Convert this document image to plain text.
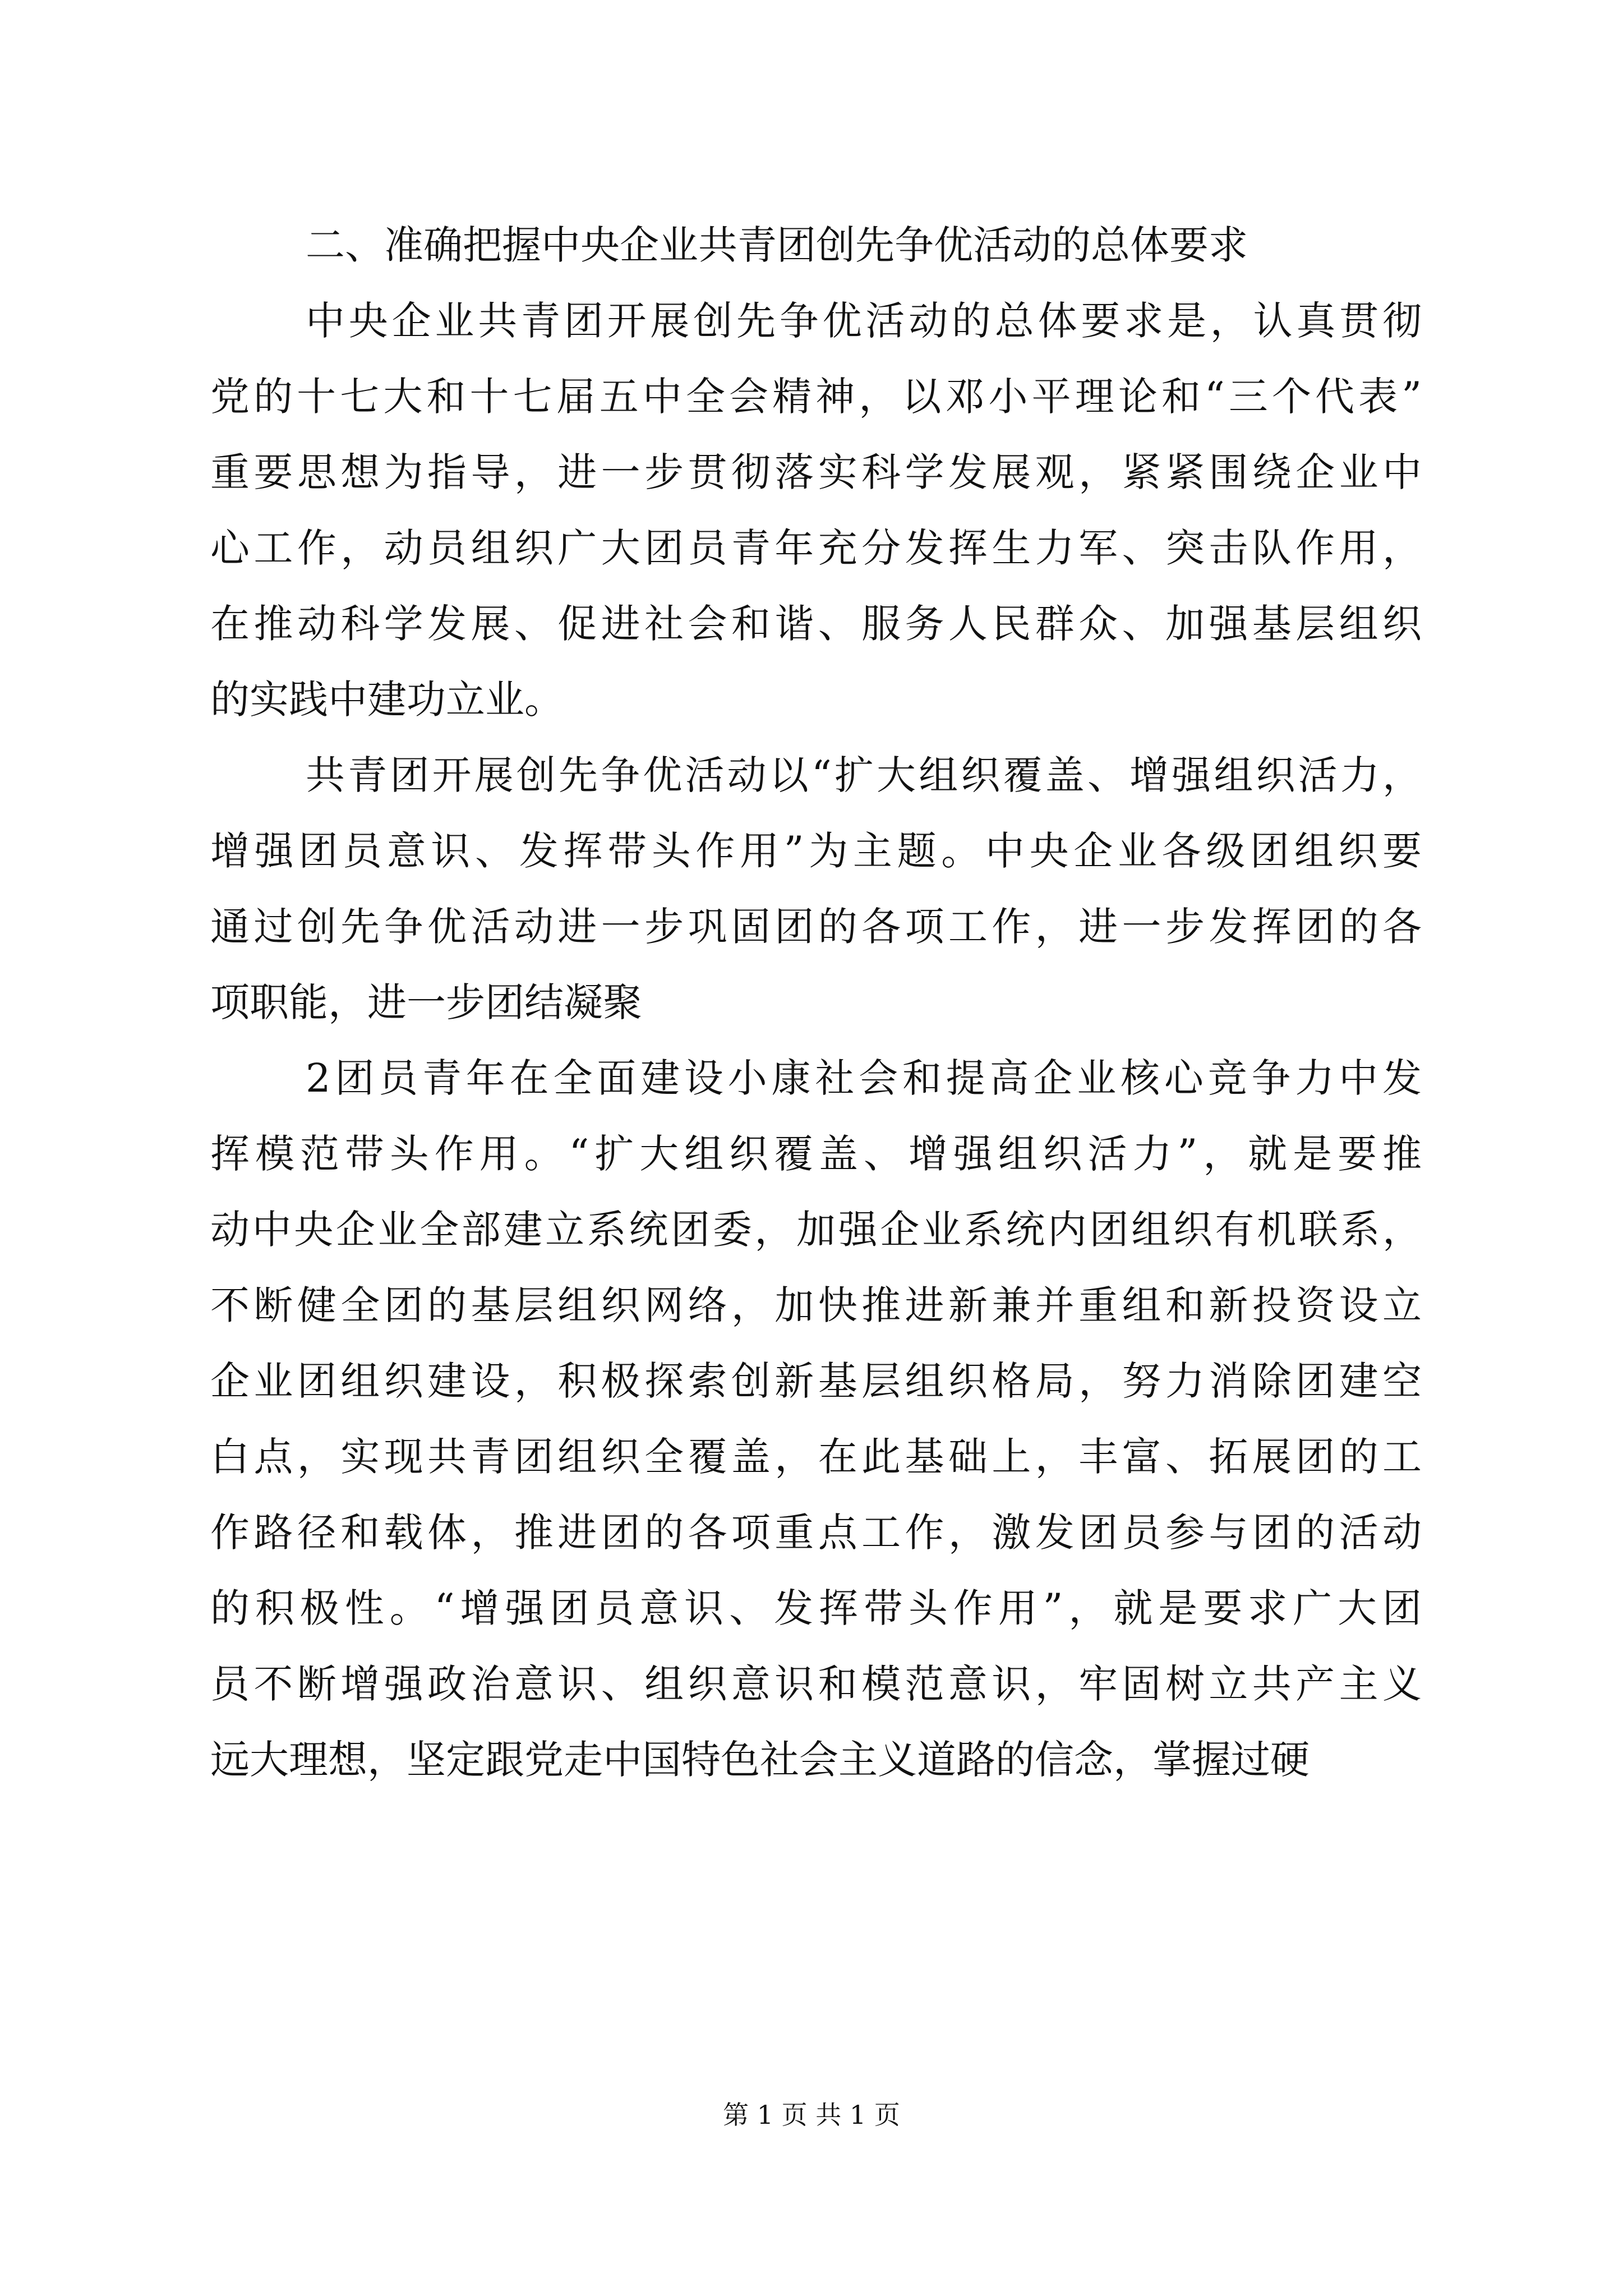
二、准确把握中央企业共青团创先争优活动的总体要求
中央企业共青团开展创先争优活动的总体要求是，认真贯彻
党的十七大和十七届五中全会精神，以邓小平理论和“三个代表”
重要思想为指导，进一步贯彻落实科学发展观，紧紧围绕企业中
心工作，动员组织广大团员青年充分发挥生力军、突击队作用，
在推动科学发展、促进社会和谐、服务人民群众、加强基层组织
的实践中建功立业。
共青团开展创先争优活动以“扩大组织覆盖、增强组织活力，
增强团员意识、发挥带头作用”为主题。中央企业各级团组织要
通过创先争优活动进一步巩固团的各项工作，进一步发挥团的各
项职能，进一步团结凝聚
2团员青年在全面建设小康社会和提高企业核心竞争力中发
挥模范带头作用。“扩大组织覆盖、增强组织活力”，就是要推
动中央企业全部建立系统团委，加强企业系统内团组织有机联系，
不断健全团的基层组织网络，加快推进新兼并重组和新投资设立
企业团组织建设，积极探索创新基层组织格局，努力消除团建空
白点，实现共青团组织全覆盖，在此基础上，丰富、拓展团的工
作路径和载体，推进团的各项重点工作，激发团员参与团的活动
的积极性。“增强团员意识、发挥带头作用”，就是要求广大团
员不断增强政治意识、组织意识和模范意识，牢固树立共产主义
远大理想，坚定跟党走中国特色社会主义道路的信念，掌握过硬
第 1 页 共 1 页
